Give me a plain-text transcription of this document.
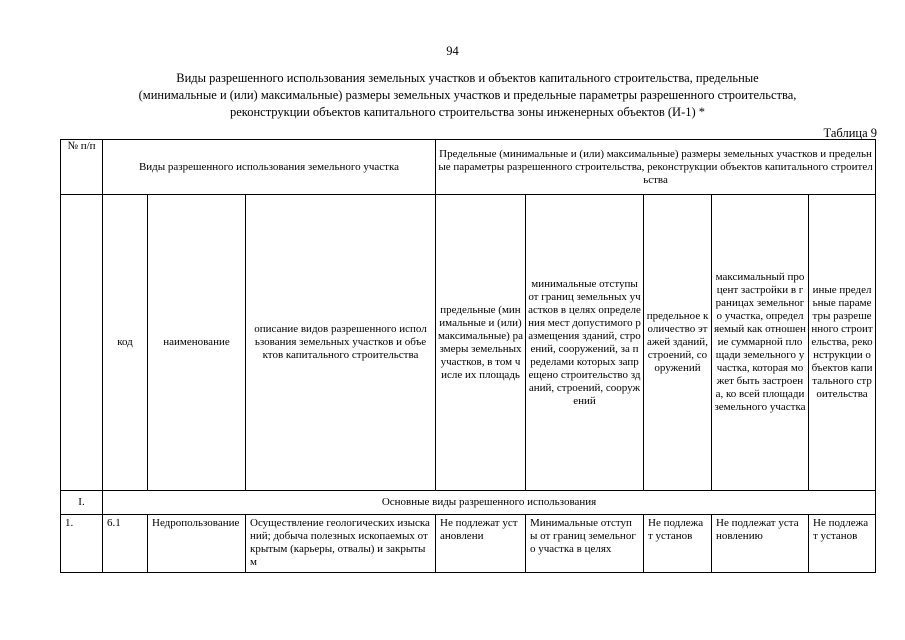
94
Виды разрешенного использования земельных участков и объектов капитального строительства, предельные
(минимальные и (или) максимальные) размеры земельных участков и предельные параметры разрешенного строительства,
реконструкции объектов капитального строительства зоны инженерных объектов (И-1) *
Таблица 9
№ п/п	Виды разрешенного использования земельного участка			Предельные (минимальные и (или) максимальные) размеры земельных участков и предельные параметры разрешенного строительства, реконструкции объектов капитального строительства				
	код	наименование	описание видов разрешенного использования земельных участков и объектов капитального строительства	предельные (минимальные и (или) максимальные) размеры земельных участков, в том числе их площадь	минимальные отступы от границ земельных участков в целях определения мест допустимого размещения зданий, строений, сооружений, за пределами которых запрещено строительство зданий, строений, сооружений	предельное количество этажей зданий, строений, сооружений	максимальный процент застройки в границах земельного участка, определяемый как отношение суммарной площади земельного участка, которая может быть застроена, ко всей площади земельного участка	иные предельные параметры разрешенного строительства, реконструкции объектов капитального строительства
I.	Основные виды разрешенного использования							

1.	6.1	Недропользование	Осуществление геологических изысканий; добыча полезных ископаемых открытым (карьеры, отвалы) и закрытым	Не подлежат установлени	Минимальные отступы от границ земельного участка в целях	Не подлежат установ	Не подлежат установлению	Не подлежат установ
